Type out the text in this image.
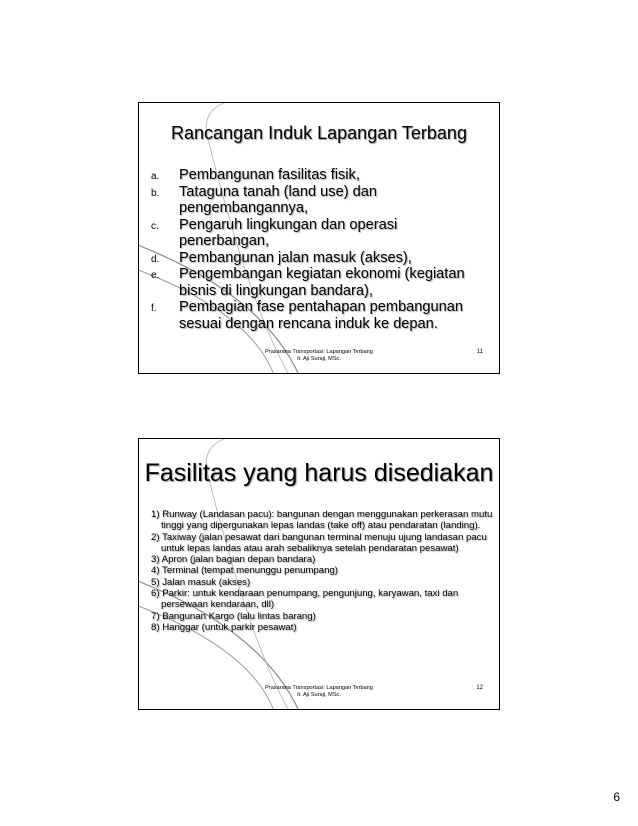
Rancangan Induk Lapangan Terbang
a. Pembangunan fasilitas fisik,
b. Tataguna tanah (land use) dan pengembangannya,
c. Pengaruh lingkungan dan operasi penerbangan,
d. Pembangunan jalan masuk (akses),
e. Pengembangan kegiatan ekonomi (kegiatan bisnis di lingkungan bandara),
f. Pembagian fase pentahapan pembangunan sesuai dengan rencana induk ke depan.
Prasarana Transportasi: Lapangan Terbang
Ir. Aji Suraji, MSc.
11
Fasilitas yang harus disediakan
1) Runway (Landasan pacu): bangunan dengan menggunakan perkerasan mutu tinggi yang dipergunakan lepas landas (take off) atau pendaratan (landing).
2) Taxiway (jalan pesawat dari bangunan terminal menuju ujung landasan pacu untuk lepas landas atau arah sebaliknya setelah pendaratan pesawat)
3) Apron (jalan bagian depan bandara)
4) Terminal (tempat menunggu penumpang)
5) Jalan masuk (akses)
6) Parkir: untuk kendaraan penumpang, pengunjung, karyawan, taxi dan persewaan kendaraan, dll)
7) Bangunan Kargo (lalu lintas barang)
8) Hanggar (untuk parkir pesawat)
Prasarana Transportasi: Lapangan Terbang
Ir. Aji Suraji, MSc.
12
6
